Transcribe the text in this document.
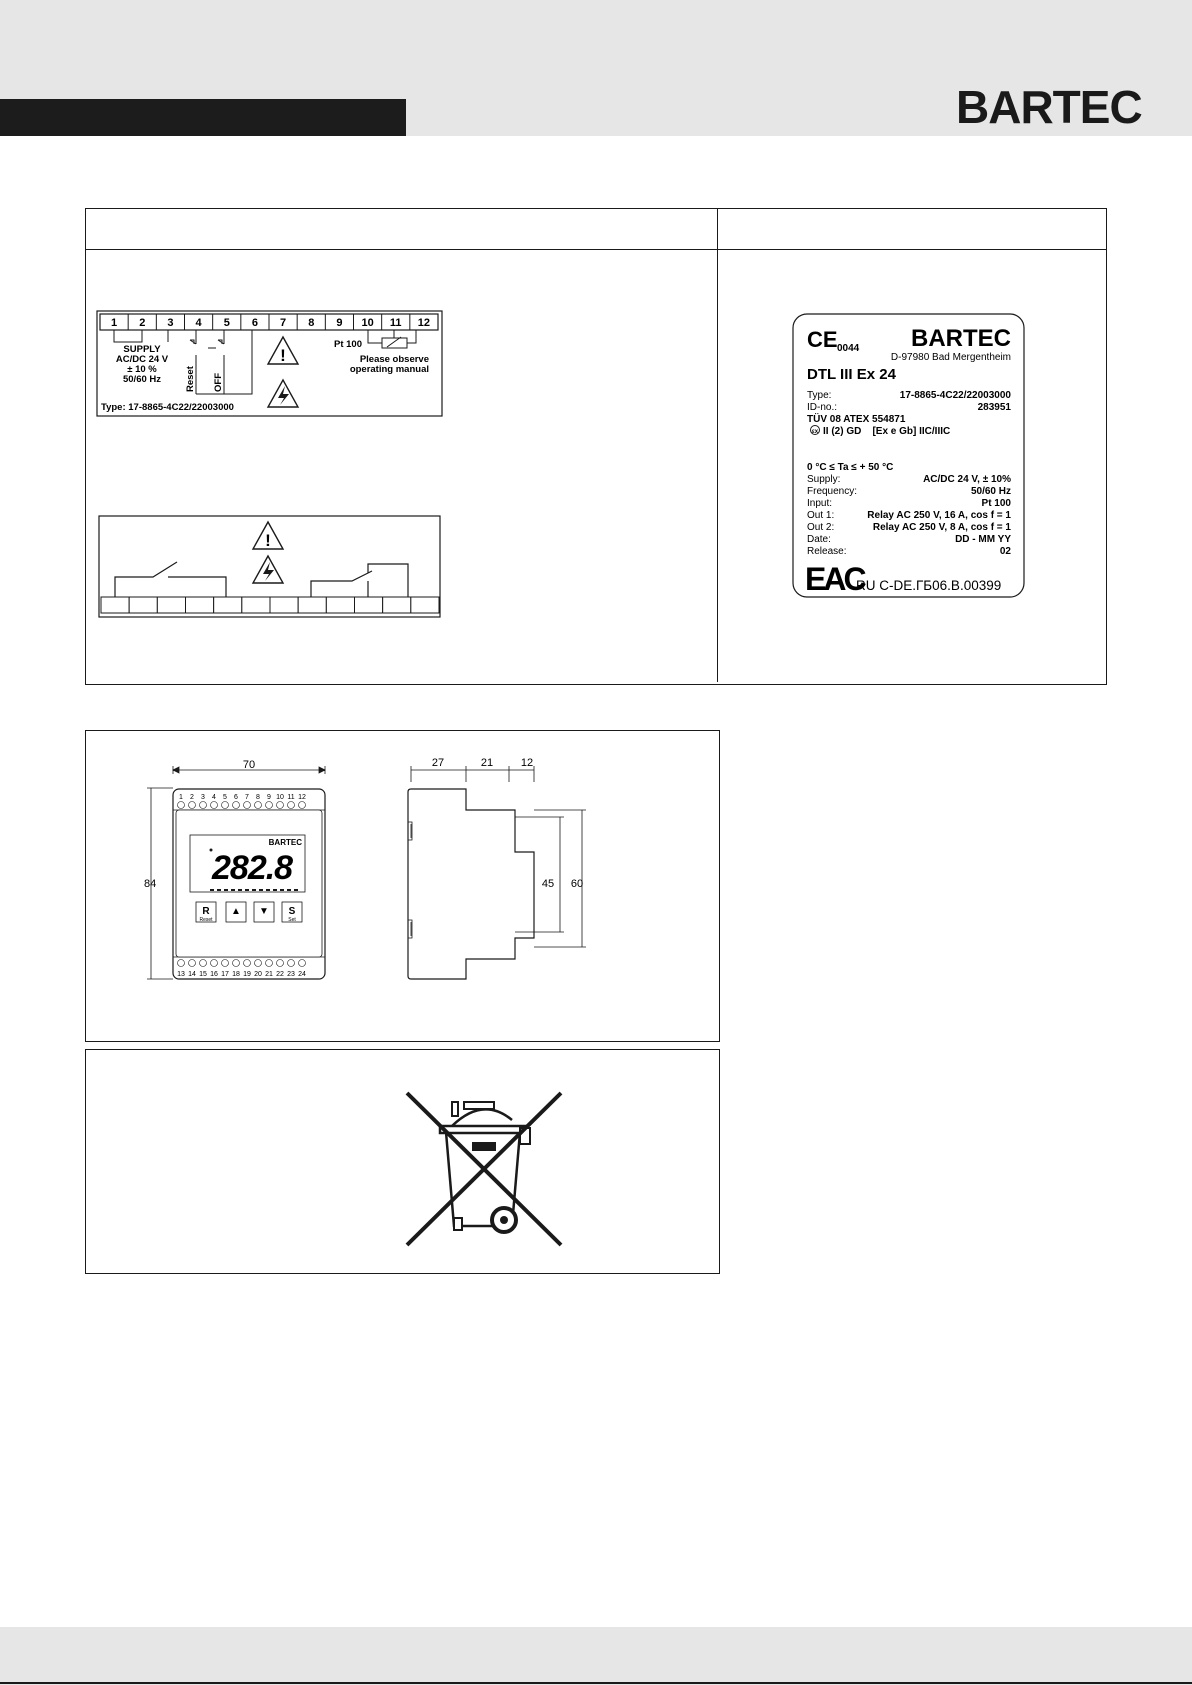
BARTEC
1 2 3 4 5 6 7 8 9 10 11 12
SUPPLY
AC/DC 24 V
± 10 %
50/60 Hz	Reset OFF
!
Pt 100
Please observe
operating manual
Type: 17-8865-4C22/22003000
!
CE 0044 BARTEC
D-97980 Bad Mergentheim
DTL III Ex 24
Type:	17-8865-4C22/22003000
ID-no.:	283951
TÜV 08 ATEX 554871
εx II (2) GD    [Ex e Gb] IIC/IIIC
0 °C ≤ Ta ≤ + 50 °C
Supply:	AC/DC 24 V, ± 10%
Frequency:	50/60 Hz
Input:	Pt 100
Out 1:	Relay AC 250 V, 16 A, cos f = 1
Out 2:	Relay AC 250 V, 8 A, cos f = 1
Date:	DD - MM YY
Release:	02
EAC
RU C-DE.ГБ06.В.00399
70
84
1 2 3 4 5 6 7 8 9 10 11 12
13 14 15 16 17 18 19 20 21 22 23 24
BARTEC
282.8
R
Reset
▲ ▼ S
Set
27	21	12
45 60
